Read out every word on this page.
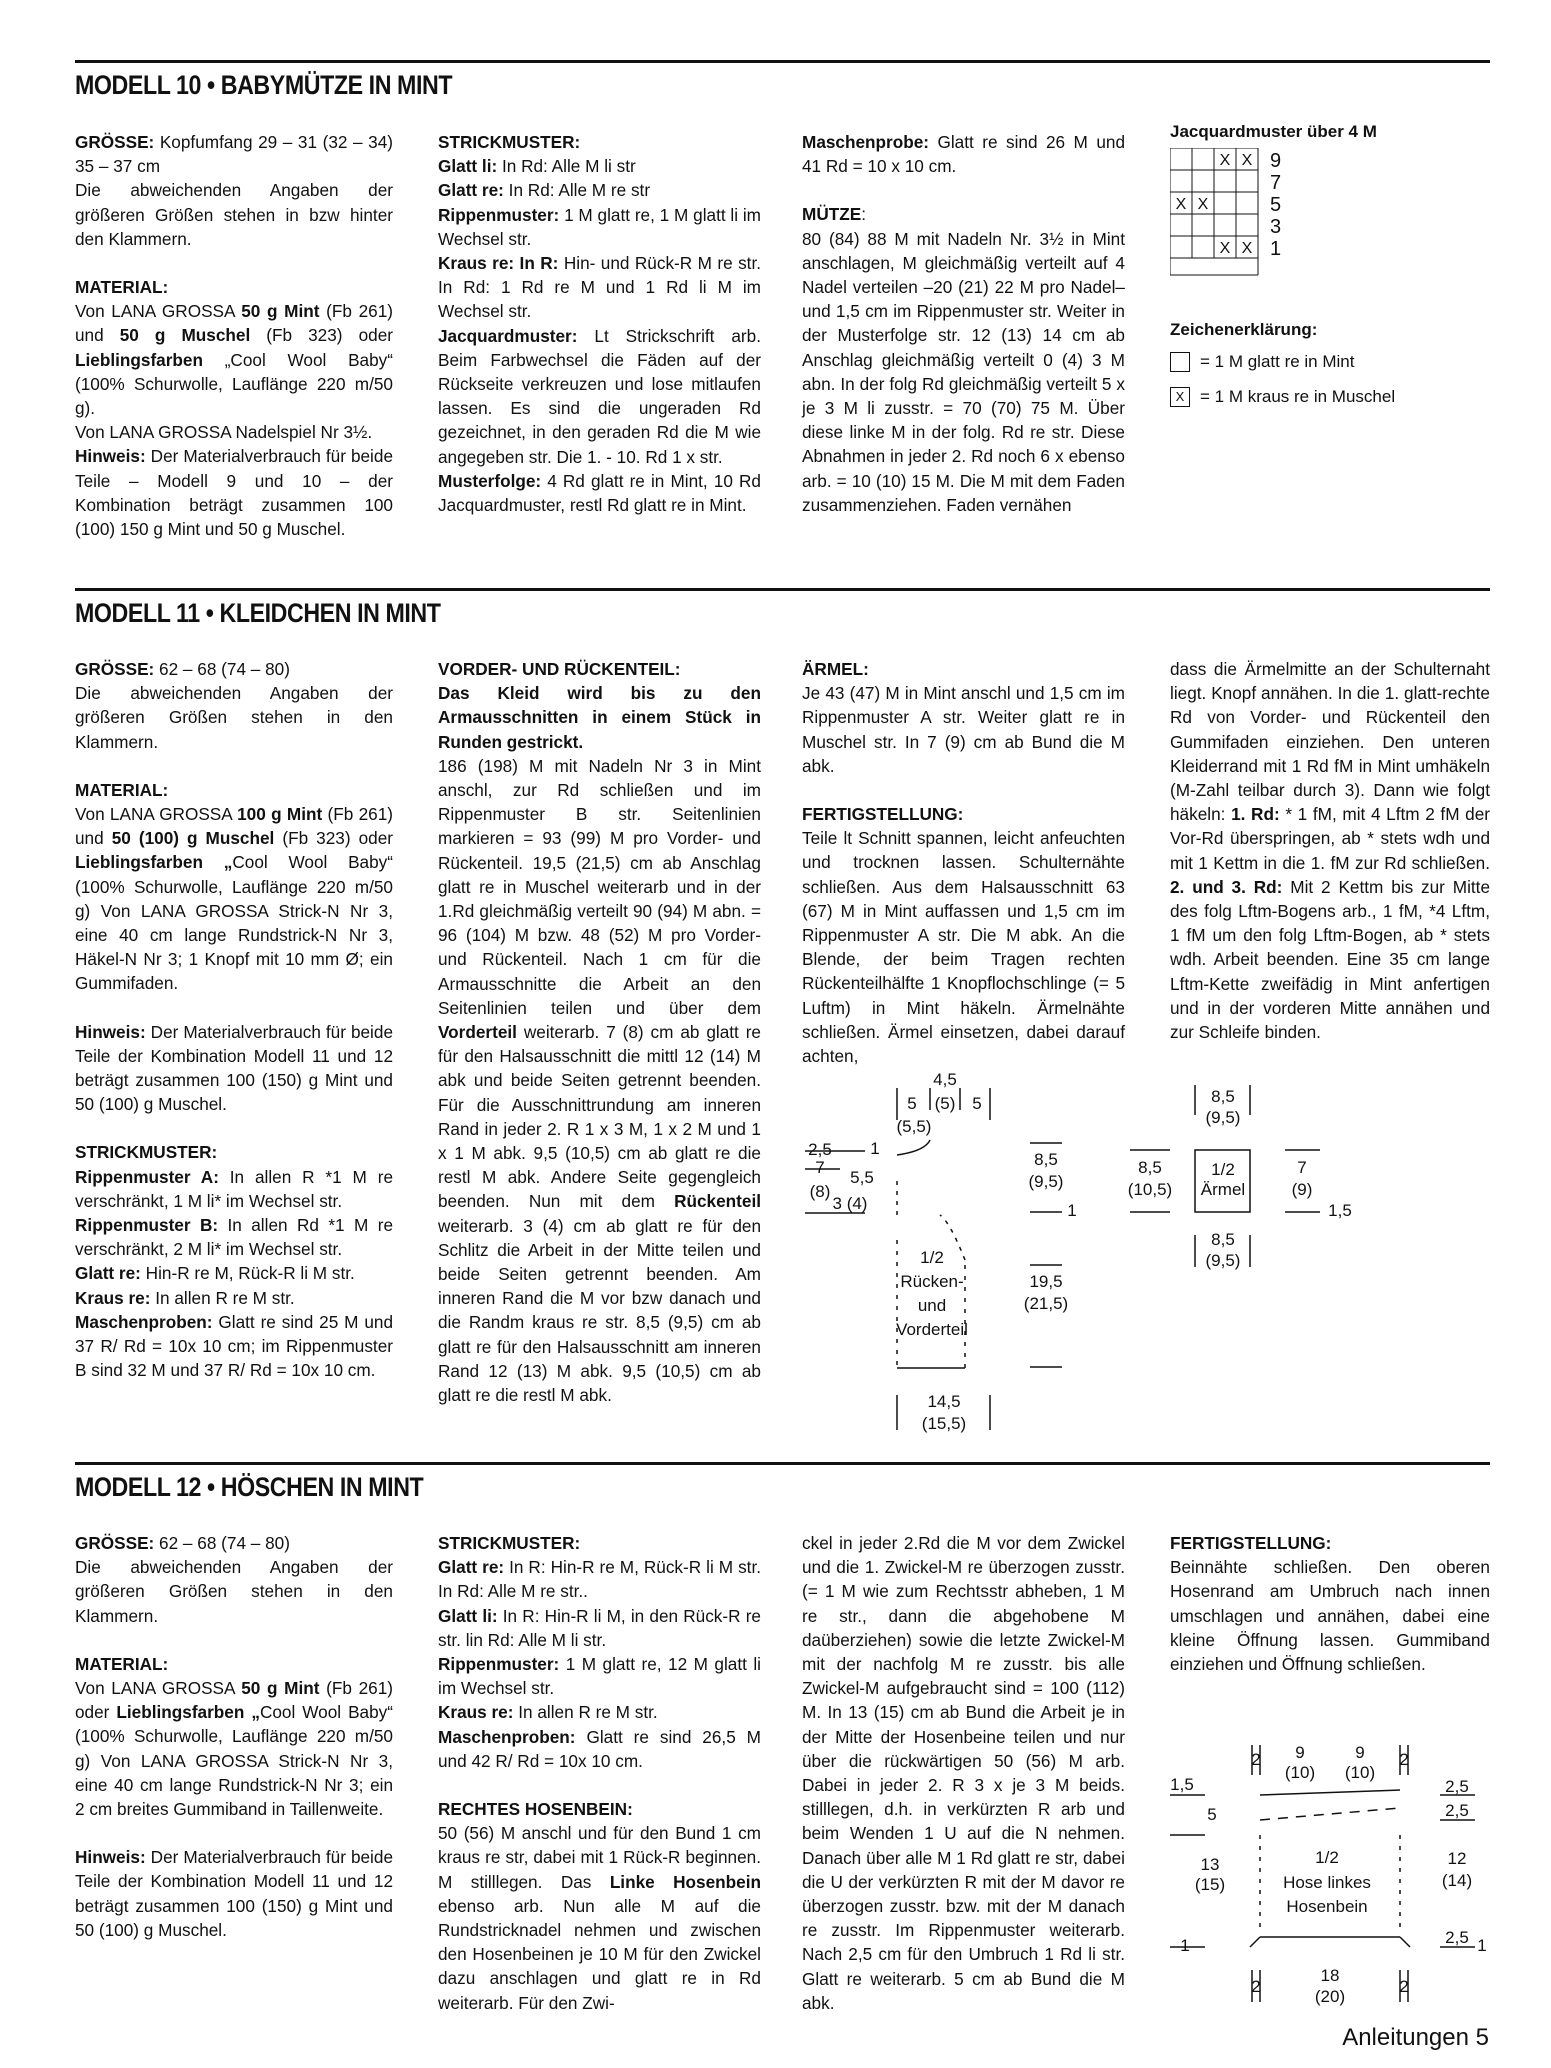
MODELL 10 • BABYMÜTZE IN MINT

GRÖSSE: Kopfumfang 29 – 31 (32 – 34) 35 – 37 cm

Die abweichenden Angaben der größeren Größen stehen in bzw hinter den Klammern.

MATERIAL:

Von LANA GROSSA 50 g Mint (Fb 261) und 50 g Muschel (Fb 323) oder Lieblingsfarben „Cool Wool Baby“ (100% Schurwolle, Lauflänge 220 m/50 g).

Von LANA GROSSA Nadelspiel Nr 3½.

Hinweis: Der Materialverbrauch für beide Teile – Modell 9 und 10 – der Kombination beträgt zusammen 100 (100) 150 g Mint und 50 g Muschel.

STRICKMUSTER:

Glatt li: In Rd: Alle M li str

Glatt re: In Rd: Alle M re str

Rippenmuster: 1 M glatt re, 1 M glatt li im Wechsel str.

Kraus re: In R: Hin- und Rück-R M re str. In Rd: 1 Rd re M und 1 Rd li M im Wechsel str.

Jacquardmuster: Lt Strickschrift arb. Beim Farbwechsel die Fäden auf der Rückseite verkreuzen und lose mitlaufen lassen. Es sind die ungeraden Rd gezeichnet, in den geraden Rd die M wie angegeben str. Die 1. - 10. Rd 1 x str.

Musterfolge: 4 Rd glatt re in Mint, 10 Rd Jacquardmuster, restl Rd glatt re in Mint.

Maschenprobe: Glatt re sind 26 M und 41 Rd = 10 x 10 cm.

MÜTZE:

80 (84) 88 M mit Nadeln Nr. 3½ in Mint anschlagen, M gleichmäßig verteilt auf 4 Nadel verteilen –20 (21) 22 M pro Nadel– und 1,5 cm im Rippenmuster str. Weiter in der Musterfolge str. 12 (13) 14 cm ab Anschlag gleichmäßig verteilt 0 (4) 3 M abn. In der folg Rd gleichmäßig verteilt 5 x je 3 M li zusstr. = 70 (70) 75 M. Über diese linke M in der folg. Rd re str. Diese Abnahmen in jeder 2. Rd noch 6 x ebenso arb. = 10 (10) 15 M. Die M mit dem Faden zusammenziehen. Faden vernähen

Jacquardmuster über 4 M
X X
X X
X X
9
7
5
3
1
Zeichenerklärung:
= 1 M glatt re in Mint
X = 1 M kraus re in Muschel
MODELL 11 • KLEIDCHEN IN MINT

GRÖSSE: 62 – 68 (74 – 80)

Die abweichenden Angaben der größeren Größen stehen in den Klammern.

MATERIAL:

Von LANA GROSSA 100 g Mint (Fb 261) und 50 (100) g Muschel (Fb 323) oder Lieblingsfarben „Cool Wool Baby“ (100% Schurwolle, Lauflänge 220 m/50 g) Von LANA GROSSA Strick-N Nr 3, eine 40 cm lange Rundstrick-N Nr 3, Häkel-N Nr 3; 1 Knopf mit 10 mm Ø; ein Gummifaden.

Hinweis: Der Materialverbrauch für beide Teile der Kombination Modell 11 und 12 beträgt zusammen 100 (150) g Mint und 50 (100) g Muschel.

STRICKMUSTER:

Rippenmuster A: In allen R *1 M re verschränkt, 1 M li* im Wechsel str.

Rippenmuster B: In allen Rd *1 M re verschränkt, 2 M li* im Wechsel str.

Glatt re: Hin-R re M, Rück-R li M str.

Kraus re: In allen R re M str.

Maschenproben: Glatt re sind 25 M und 37 R/ Rd = 10x 10 cm; im Rippenmuster B sind 32 M und 37 R/ Rd = 10x 10 cm.

VORDER- UND RÜCKENTEIL:

Das Kleid wird bis zu den Armausschnitten in einem Stück in Runden gestrickt.

186 (198) M mit Nadeln Nr 3 in Mint anschl, zur Rd schließen und im Rippenmuster B str. Seitenlinien markieren = 93 (99) M pro Vorder- und Rückenteil. 19,5 (21,5) cm ab Anschlag glatt re in Muschel weiterarb und in der 1.Rd gleichmäßig verteilt 90 (94) M abn. = 96 (104) M bzw. 48 (52) M pro Vorder- und Rückenteil. Nach 1 cm für die Armausschnitte die Arbeit an den Seitenlinien teilen und über dem Vorderteil weiterarb. 7 (8) cm ab glatt re für den Halsausschnitt die mittl 12 (14) M abk und beide Seiten getrennt beenden. Für die Ausschnittrundung am inneren Rand in jeder 2. R 1 x 3 M, 1 x 2 M und 1 x 1 M abk. 9,5 (10,5) cm ab glatt re die restl M abk. Andere Seite gegengleich beenden. Nun mit dem Rückenteil weiterarb. 3 (4) cm ab glatt re für den Schlitz die Arbeit in der Mitte teilen und beide Seiten getrennt beenden. Am inneren Rand die M vor bzw danach und die Randm kraus re str. 8,5 (9,5) cm ab glatt re für den Halsausschnitt am inneren Rand 12 (13) M abk. 9,5 (10,5) cm ab glatt re die restl M abk.

ÄRMEL:

Je 43 (47) M in Mint anschl und 1,5 cm im Rippenmuster A str. Weiter glatt re in Muschel str. In 7 (9) cm ab Bund die M abk.

FERTIGSTELLUNG:

Teile lt Schnitt spannen, leicht anfeuchten und trocknen lassen. Schulternähte schließen. Aus dem Halsausschnitt 63 (67) M in Mint auffassen und 1,5 cm im Rippenmuster A str. Die M abk. An die Blende, der beim Tragen rechten Rückenteilhälfte 1 Knopflochschlinge (= 5 Luftm) in Mint häkeln. Ärmelnähte schließen. Ärmel einsetzen, dabei darauf achten,

dass die Ärmelmitte an der Schulternaht liegt. Knopf annähen. In die 1. glatt-rechte Rd von Vorder- und Rückenteil den Gummifaden einziehen. Den unteren Kleiderrand mit 1 Rd fM in Mint umhäkeln (M-Zahl teilbar durch 3). Dann wie folgt häkeln: 1. Rd: * 1 fM, mit 4 Lftm 2 fM der Vor-Rd überspringen, ab * stets wdh und mit 1 Kettm in die 1. fM zur Rd schließen. 2. und 3. Rd: Mit 2 Kettm bis zur Mitte des folg Lftm-Bogens arb., 1 fM, *4 Lftm, 1 fM um den folg Lftm-Bogen, ab * stets wdh. Arbeit beenden. Eine 35 cm lange Lftm-Kette zweifädig in Mint anfertigen und in der vorderen Mitte annähen und zur Schleife binden.

4,5
5 (5) 5
(5,5)
2,5 1
7
5,5
(8)
3 (4)
8,5
(9,5)
1
1/2
Rücken-
und
Vorderteil
19,5
(21,5)
14,5
(15,5)
8,5
(9,5)
8,5
(10,5)
1/2
Ärmel
7
(9)
1,5
8,5
(9,5)
MODELL 12 • HÖSCHEN IN MINT

GRÖSSE: 62 – 68 (74 – 80)

Die abweichenden Angaben der größeren Größen stehen in den Klammern.

MATERIAL:

Von LANA GROSSA 50 g Mint (Fb 261) oder Lieblingsfarben „Cool Wool Baby“ (100% Schurwolle, Lauflänge 220 m/50 g) Von LANA GROSSA Strick-N Nr 3, eine 40 cm lange Rundstrick-N Nr 3; ein 2 cm breites Gummiband in Taillenweite.

Hinweis: Der Materialverbrauch für beide Teile der Kombination Modell 11 und 12 beträgt zusammen 100 (150) g Mint und 50 (100) g Muschel.

STRICKMUSTER:

Glatt re: In R: Hin-R re M, Rück-R li M str. In Rd: Alle M re str..

Glatt li: In R: Hin-R li M, in den Rück-R re str. lin Rd: Alle M li str.

Rippenmuster: 1 M glatt re, 12 M glatt li im Wechsel str.

Kraus re: In allen R re M str.

Maschenproben: Glatt re sind 26,5 M und 42 R/ Rd = 10x 10 cm.

RECHTES HOSENBEIN:

50 (56) M anschl und für den Bund 1 cm kraus re str, dabei mit 1 Rück-R beginnen. M stilllegen. Das Linke Hosenbein ebenso arb. Nun alle M auf die Rundstricknadel nehmen und zwischen den Hosenbeinen je 10 M für den Zwickel dazu anschlagen und glatt re in Rd weiterarb. Für den Zwi-

ckel in jeder 2.Rd die M vor dem Zwickel und die 1. Zwickel-M re überzogen zusstr. (= 1 M wie zum Rechtsstr abheben, 1 M re str., dann die abgehobene M daüberziehen) sowie die letzte Zwickel-M mit der nachfolg M re zusstr. bis alle Zwickel-M aufgebraucht sind = 100 (112) M. In 13 (15) cm ab Bund die Arbeit je in der Mitte der Hosenbeine teilen und nur über die rückwärtigen 50 (56) M arb. Dabei in jeder 2. R 3 x je 3 M beids. stilllegen, d.h. in verkürzten R arb und beim Wenden 1 U auf die N nehmen. Danach über alle M 1 Rd glatt re str, dabei die U der verkürzten R mit der M davor re überzogen zusstr. bzw. mit der M danach re zusstr. Im Rippenmuster weiterarb. Nach 2,5 cm für den Umbruch 1 Rd li str. Glatt re weiterarb. 5 cm ab Bund die M abk.

FERTIGSTELLUNG:

Beinnähte schließen. Den oberen Hosenrand am Umbruch nach innen umschlagen und annähen, dabei eine kleine Öffnung lassen. Gummiband einziehen und Öffnung schließen.

2 9
(10)
9
(10)
2
1,5
5
13
(15)
1
1/2
Hose linkes
Hosenbein
2,5
2,5
12
(14)
2,5 1
2
18
(20)
2
Anleitungen 5
